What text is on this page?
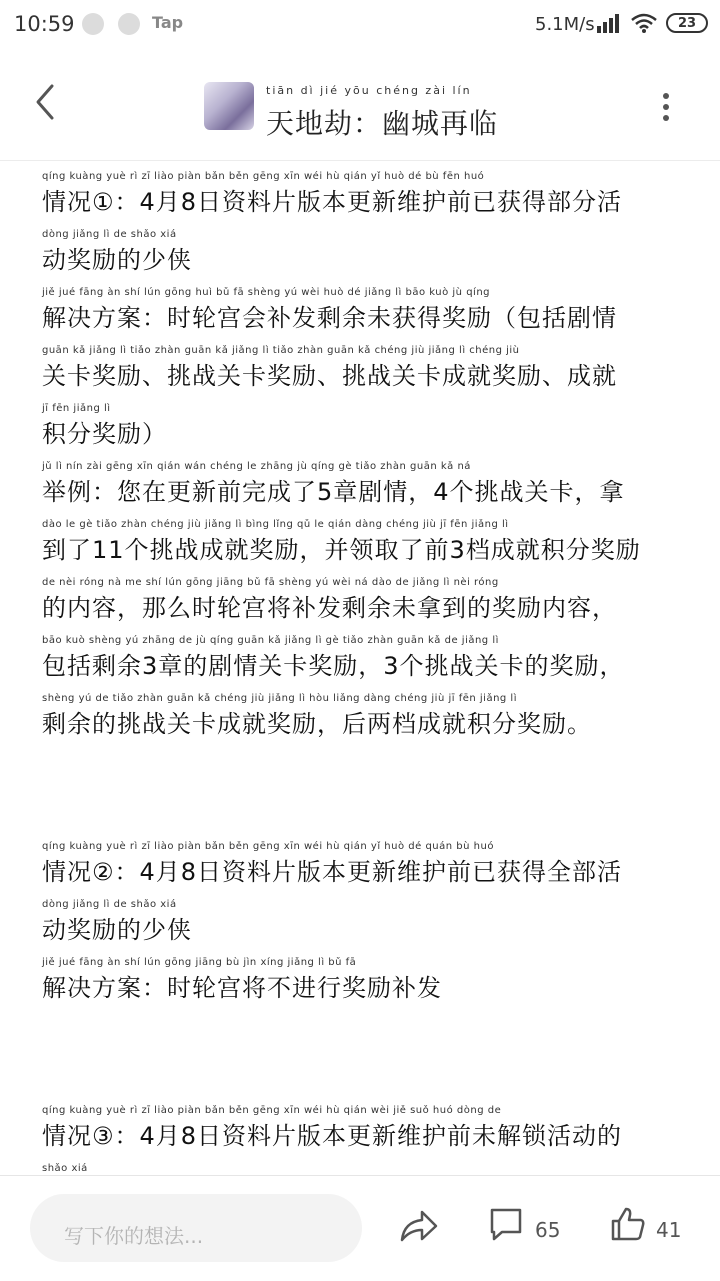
10:59	Tap	5.1M/s	23
tiān dì jié yōu chéng zài lín
天地劫：幽城再临
qíng kuàng yuè rì zī liào piàn bǎn běn gēng xīn wéi hù qián yǐ huò dé bù fēn huó
情况①：4月8日资料片版本更新维护前已获得部分活
dòng jiǎng lì de shǎo xiá
动奖励的少侠
jiě jué fāng àn shí lún gōng huì bǔ fā shèng yú wèi huò dé jiǎng lì bāo kuò jù qíng
解决方案：时轮宫会补发剩余未获得奖励（包括剧情
guān kǎ jiǎng lì tiǎo zhàn guān kǎ jiǎng lì tiǎo zhàn guān kǎ chéng jiù jiǎng lì chéng jiù
关卡奖励、挑战关卡奖励、挑战关卡成就奖励、成就
jī fēn jiǎng lì
积分奖励）
jǔ lì nín zài gēng xīn qián wán chéng le zhāng jù qíng gè tiǎo zhàn guān kǎ ná
举例：您在更新前完成了5章剧情，4个挑战关卡，拿
dào le gè tiǎo zhàn chéng jiù jiǎng lì bìng lǐng qǔ le qián dàng chéng jiù jī fēn jiǎng lì
到了11个挑战成就奖励，并领取了前3档成就积分奖励
de nèi róng nà me shí lún gōng jiāng bǔ fā shèng yú wèi ná dào de jiǎng lì nèi róng
的内容，那么时轮宫将补发剩余未拿到的奖励内容，
bāo kuò shèng yú zhāng de jù qíng guān kǎ jiǎng lì gè tiǎo zhàn guān kǎ de jiǎng lì
包括剩余3章的剧情关卡奖励，3个挑战关卡的奖励，
shèng yú de tiǎo zhàn guān kǎ chéng jiù jiǎng lì hòu liǎng dàng chéng jiù jī fēn jiǎng lì
剩余的挑战关卡成就奖励，后两档成就积分奖励。
qíng kuàng yuè rì zī liào piàn bǎn běn gēng xīn wéi hù qián yǐ huò dé quán bù huó
情况②：4月8日资料片版本更新维护前已获得全部活
dòng jiǎng lì de shǎo xiá
动奖励的少侠
jiě jué fāng àn shí lún gōng jiāng bù jìn xíng jiǎng lì bǔ fā
解决方案：时轮宫将不进行奖励补发
qíng kuàng yuè rì zī liào piàn bǎn běn gēng xīn wéi hù qián wèi jiě suǒ huó dòng de
情况③：4月8日资料片版本更新维护前未解锁活动的
shǎo xiá
写下你的想法...	65	41
